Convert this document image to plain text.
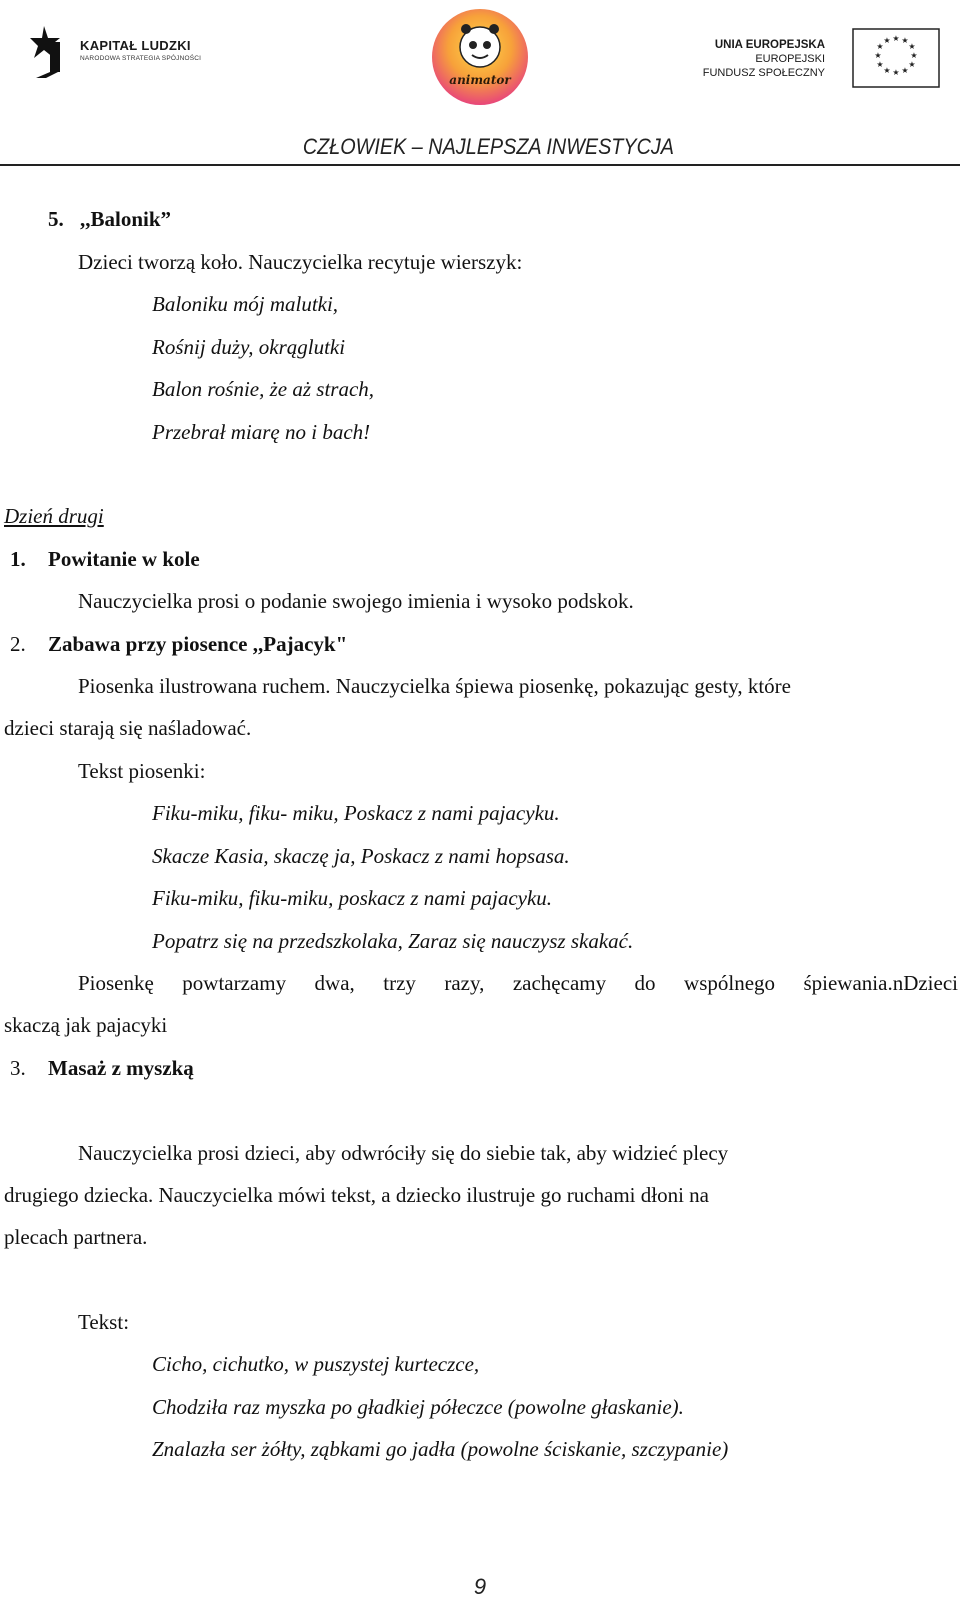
KAPITAŁ LUDZKI
NARODOWA STRATEGIA SPÓJNOŚCI
animator
UNIA EUROPEJSKA
EUROPEJSKI
FUNDUSZ SPOŁECZNY
★ ★
★
★
★
★
★
★
★
★
★
★
CZŁOWIEK – NAJLEPSZA INWESTYCJA
5. ,,Balonik”
Dzieci tworzą koło. Nauczycielka recytuje wierszyk:
Baloniku mój malutki,
Rośnij duży, okrąglutki
Balon rośnie, że aż strach,
Przebrał miarę no i bach!
Dzień drugi
1. Powitanie w kole
Nauczycielka prosi o podanie swojego imienia i wysoko podskok.
2. Zabawa przy piosence ,,Pajacyk"
Piosenka ilustrowana ruchem. Nauczycielka śpiewa piosenkę, pokazując gesty, które
dzieci starają się naśladować.
Tekst piosenki:
Fiku-miku, fiku- miku, Poskacz z nami pajacyku.
Skacze Kasia, skaczę ja, Poskacz z nami hopsasa.
Fiku-miku, fiku-miku, poskacz z nami pajacyku.
Popatrz się na przedszkolaka, Zaraz się nauczysz skakać.
Piosenkę powtarzamy dwa, trzy razy, zachęcamy do wspólnego śpiewania.nDzieci
skaczą jak pajacyki
3. Masaż z myszką
Nauczycielka prosi dzieci, aby odwróciły się do siebie tak, aby widzieć plecy
drugiego dziecka. Nauczycielka mówi tekst, a dziecko ilustruje go ruchami dłoni na
plecach partnera.
Tekst:
Cicho, cichutko, w puszystej kurteczce,
Chodziła raz myszka po gładkiej półeczce (powolne głaskanie).
Znalazła ser żółty, ząbkami go jadła (powolne ściskanie, szczypanie)
9
